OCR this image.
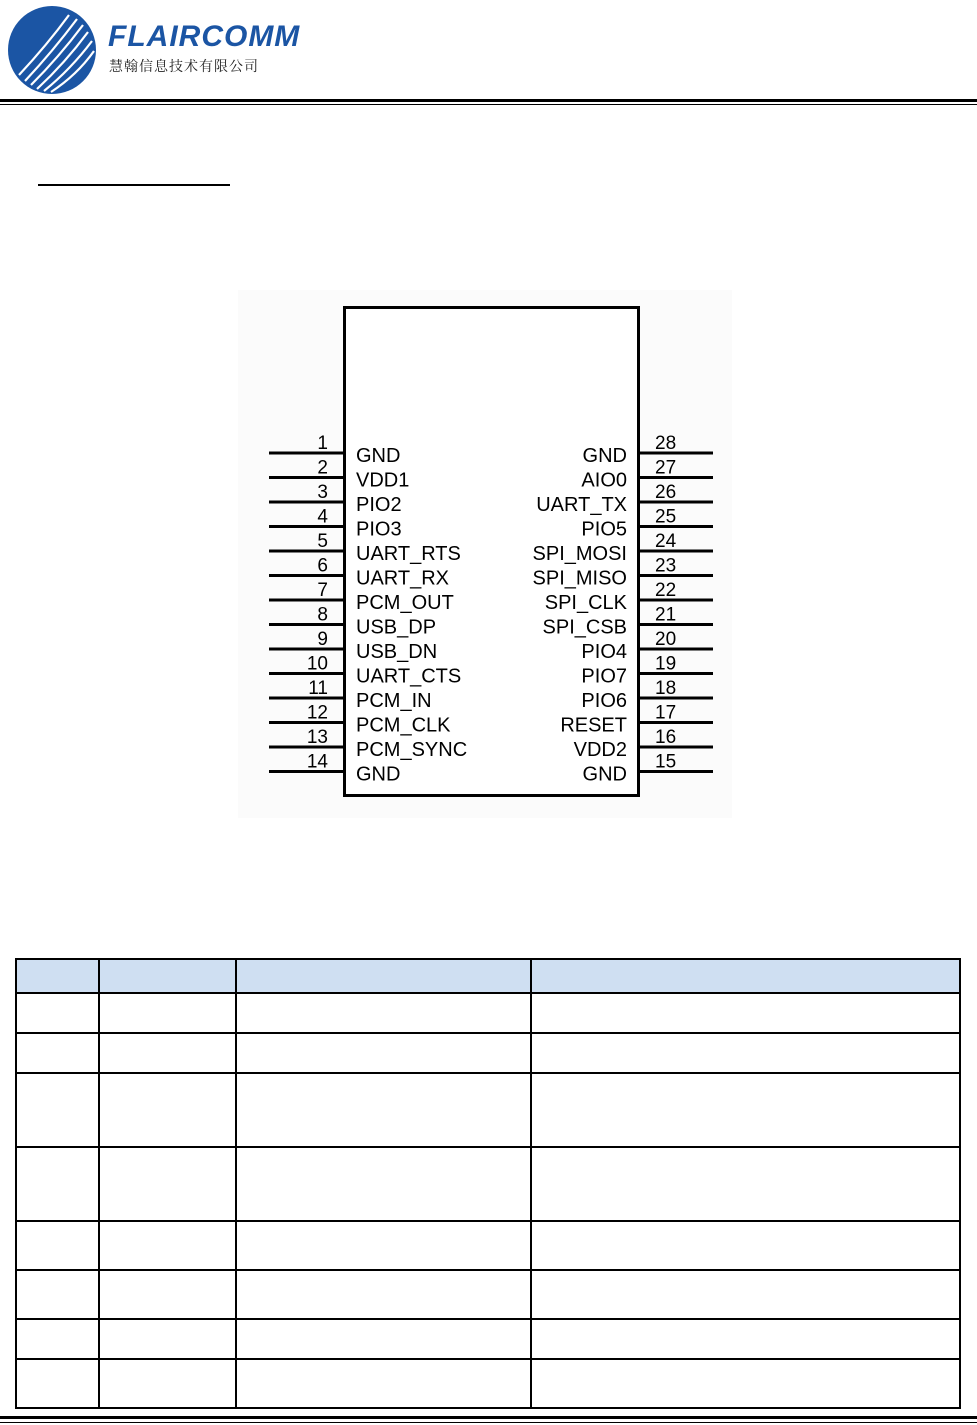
FLAIRCOMM
慧翰信息技术有限公司
1
GND
2
VDD1
3
PIO2
4
PIO3
5
UART_RTS
6
UART_RX
7
PCM_OUT
8
USB_DP
9
USB_DN
10
UART_CTS
11
PCM_IN
12
PCM_CLK
13
PCM_SYNC
14
GND
28
GND
27
AIO0
26
UART_TX
25
PIO5
24
SPI_MOSI
23
SPI_MISO
22
SPI_CLK
21
SPI_CSB
20
PIO4
19
PIO7
18
PIO6
17
RESET
16
VDD2
15
GND
